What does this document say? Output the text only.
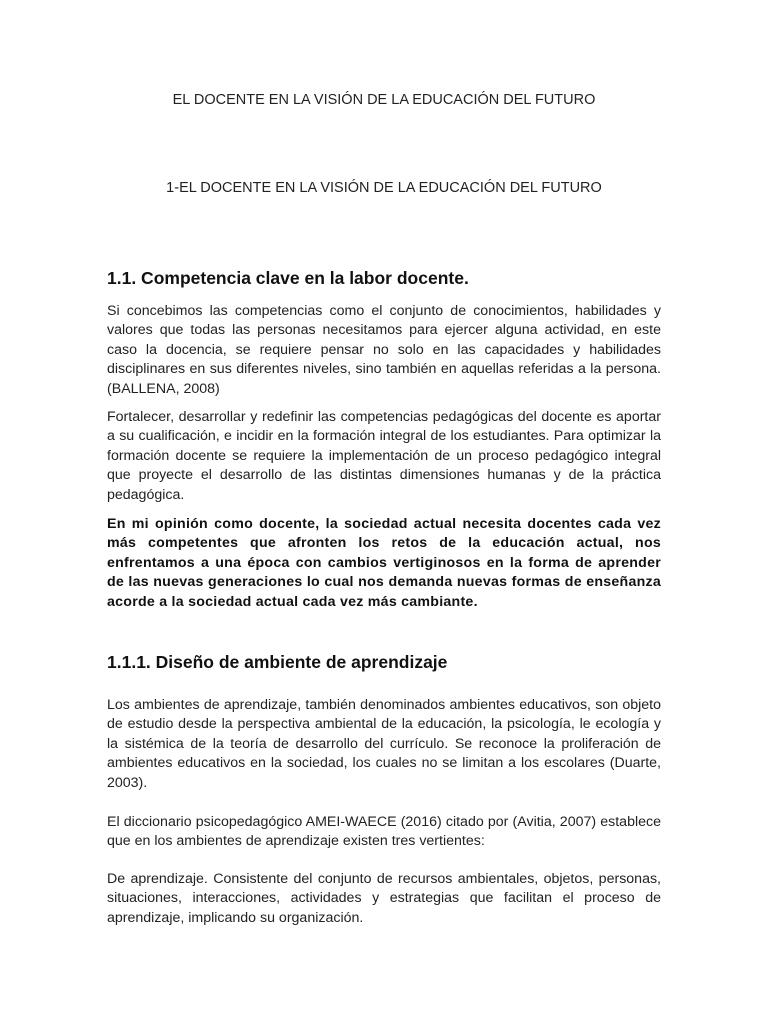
EL DOCENTE EN LA VISIÓN DE LA EDUCACIÓN DEL FUTURO
1-EL DOCENTE EN LA VISIÓN DE LA EDUCACIÓN DEL FUTURO
1.1. Competencia clave en la labor docente.

Si concebimos las competencias como el conjunto de conocimientos, habilidades y valores que todas las personas necesitamos para ejercer alguna actividad, en este caso la docencia, se requiere pensar no solo en las capacidades y habilidades disciplinares en sus diferentes niveles, sino también en aquellas referidas a la persona. (BALLENA, 2008)

Fortalecer, desarrollar y redefinir las competencias pedagógicas del docente es aportar a su cualificación, e incidir en la formación integral de los estudiantes. Para optimizar la formación docente se requiere la implementación de un proceso pedagógico integral que proyecte el desarrollo de las distintas dimensiones humanas y de la práctica pedagógica.

En mi opinión como docente, la sociedad actual necesita docentes cada vez más competentes que afronten los retos de la educación actual, nos enfrentamos a una época con cambios vertiginosos en la forma de aprender de las nuevas generaciones lo cual nos demanda nuevas formas de enseñanza acorde a la sociedad actual cada vez más cambiante.

1.1.1. Diseño de ambiente de aprendizaje

Los ambientes de aprendizaje, también denominados ambientes educativos, son objeto de estudio desde la perspectiva ambiental de la educación, la psicología, le ecología y la sistémica de la teoría de desarrollo del currículo. Se reconoce la proliferación de ambientes educativos en la sociedad, los cuales no se limitan a los escolares (Duarte, 2003).

El diccionario psicopedagógico AMEI-WAECE (2016) citado por (Avitia, 2007) establece que en los ambientes de aprendizaje existen tres vertientes:

De aprendizaje. Consistente del conjunto de recursos ambientales, objetos, personas, situaciones, interacciones, actividades y estrategias que facilitan el proceso de aprendizaje, implicando su organización.
